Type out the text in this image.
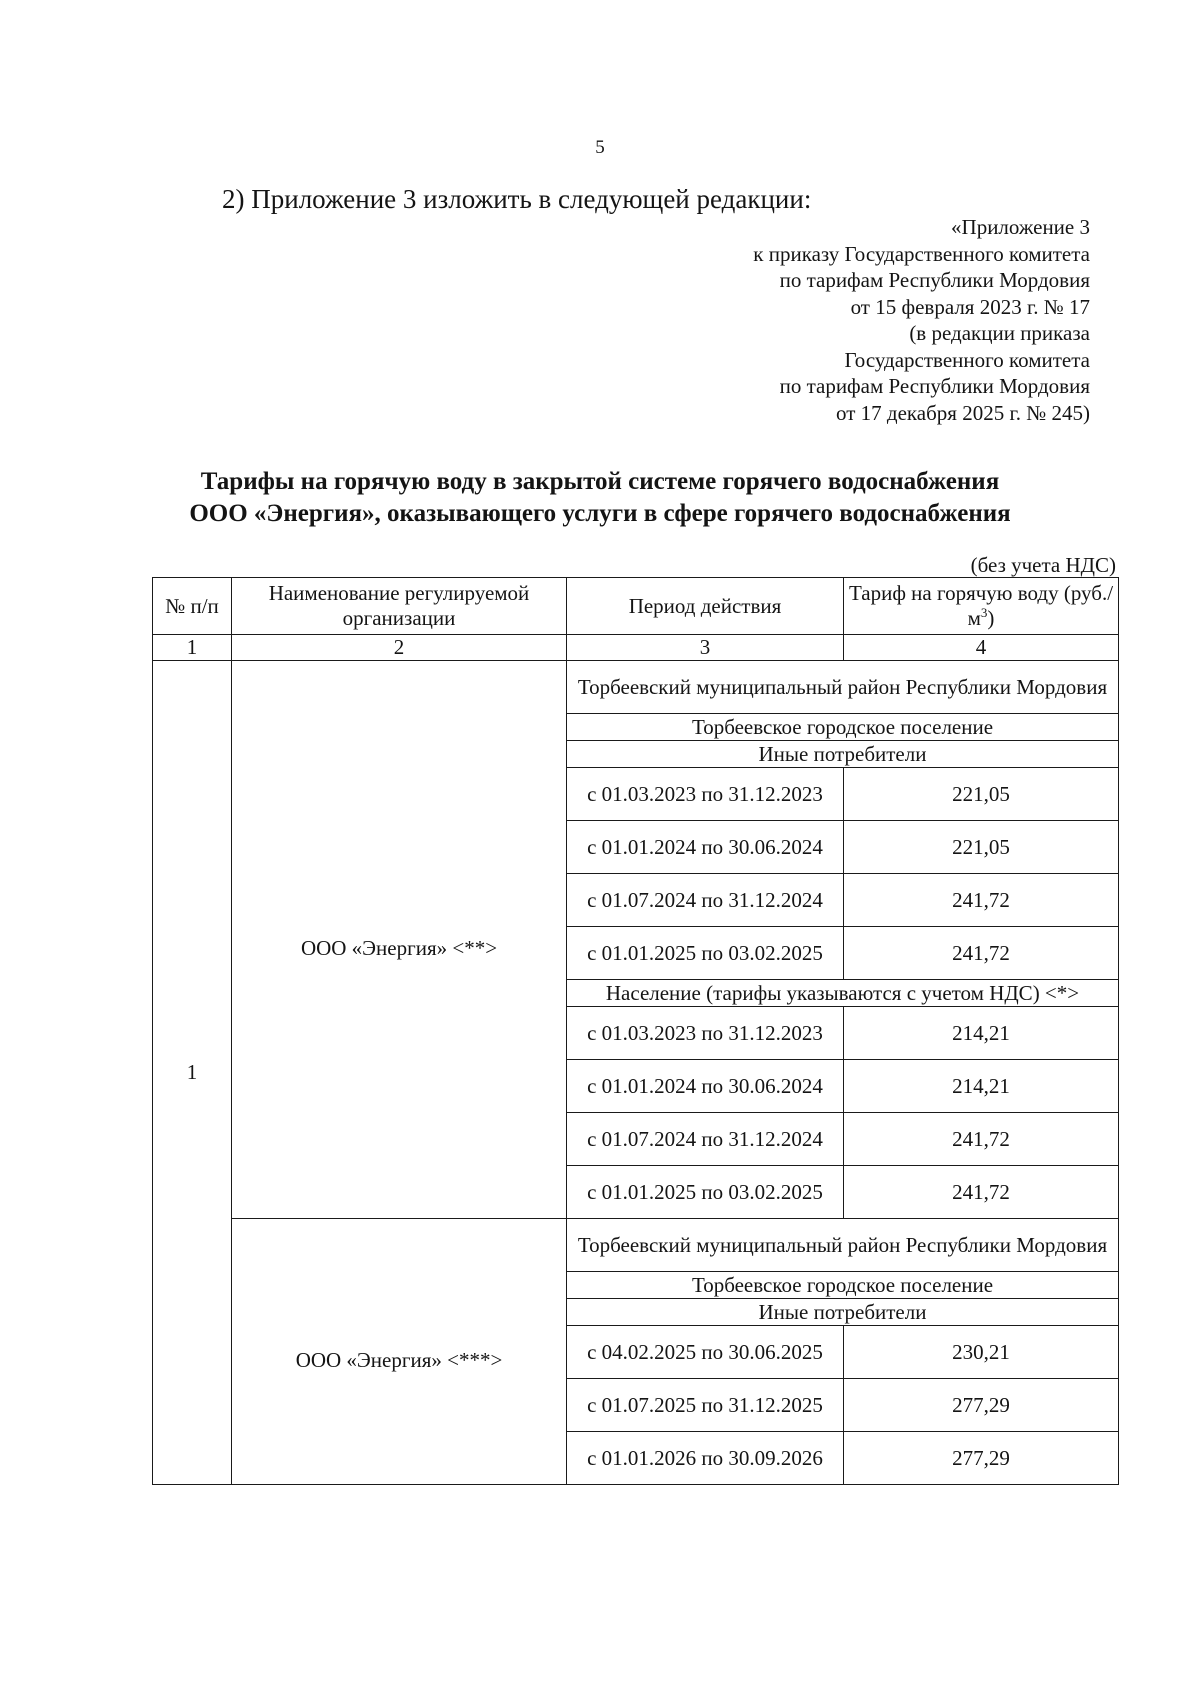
5
2) Приложение 3 изложить в следующей редакции:
«Приложение 3
к приказу Государственного комитета
по тарифам Республики Мордовия
от 15 февраля 2023 г. № 17
(в редакции приказа
Государственного комитета
по тарифам Республики Мордовия
от 17 декабря 2025 г. № 245)
Тарифы на горячую воду в закрытой системе горячего водоснабжения
ООО «Энергия», оказывающего услуги в сфере горячего водоснабжения
(без учета НДС)
№ п/п	Наименование регулируемой организации	Период действия	Тариф на горячую воду $(руб./м^3)$
1	2	3	4
1	ООО «Энергия» <**>	Торбеевский муниципальный район Республики Мордовия	
		Торбеевское городское поселение	
		Иные потребители	
		с 01.03.2023 по 31.12.2023	221,05
		с 01.01.2024 по 30.06.2024	221,05
		с 01.07.2024 по 31.12.2024	241,72
		с 01.01.2025 по 03.02.2025	241,72
		Население (тарифы указываются с учетом НДС) <*>	
		с 01.03.2023 по 31.12.2023	214,21
		с 01.01.2024 по 30.06.2024	214,21
		с 01.07.2024 по 31.12.2024	241,72
		с 01.01.2025 по 03.02.2025	241,72
	ООО «Энергия» <***>	Торбеевский муниципальный район Республики Мордовия	
		Торбеевское городское поселение	
		Иные потребители	
		с 04.02.2025 по 30.06.2025	230,21
		с 01.07.2025 по 31.12.2025	277,29
		с 01.01.2026 по 30.09.2026	277,29
